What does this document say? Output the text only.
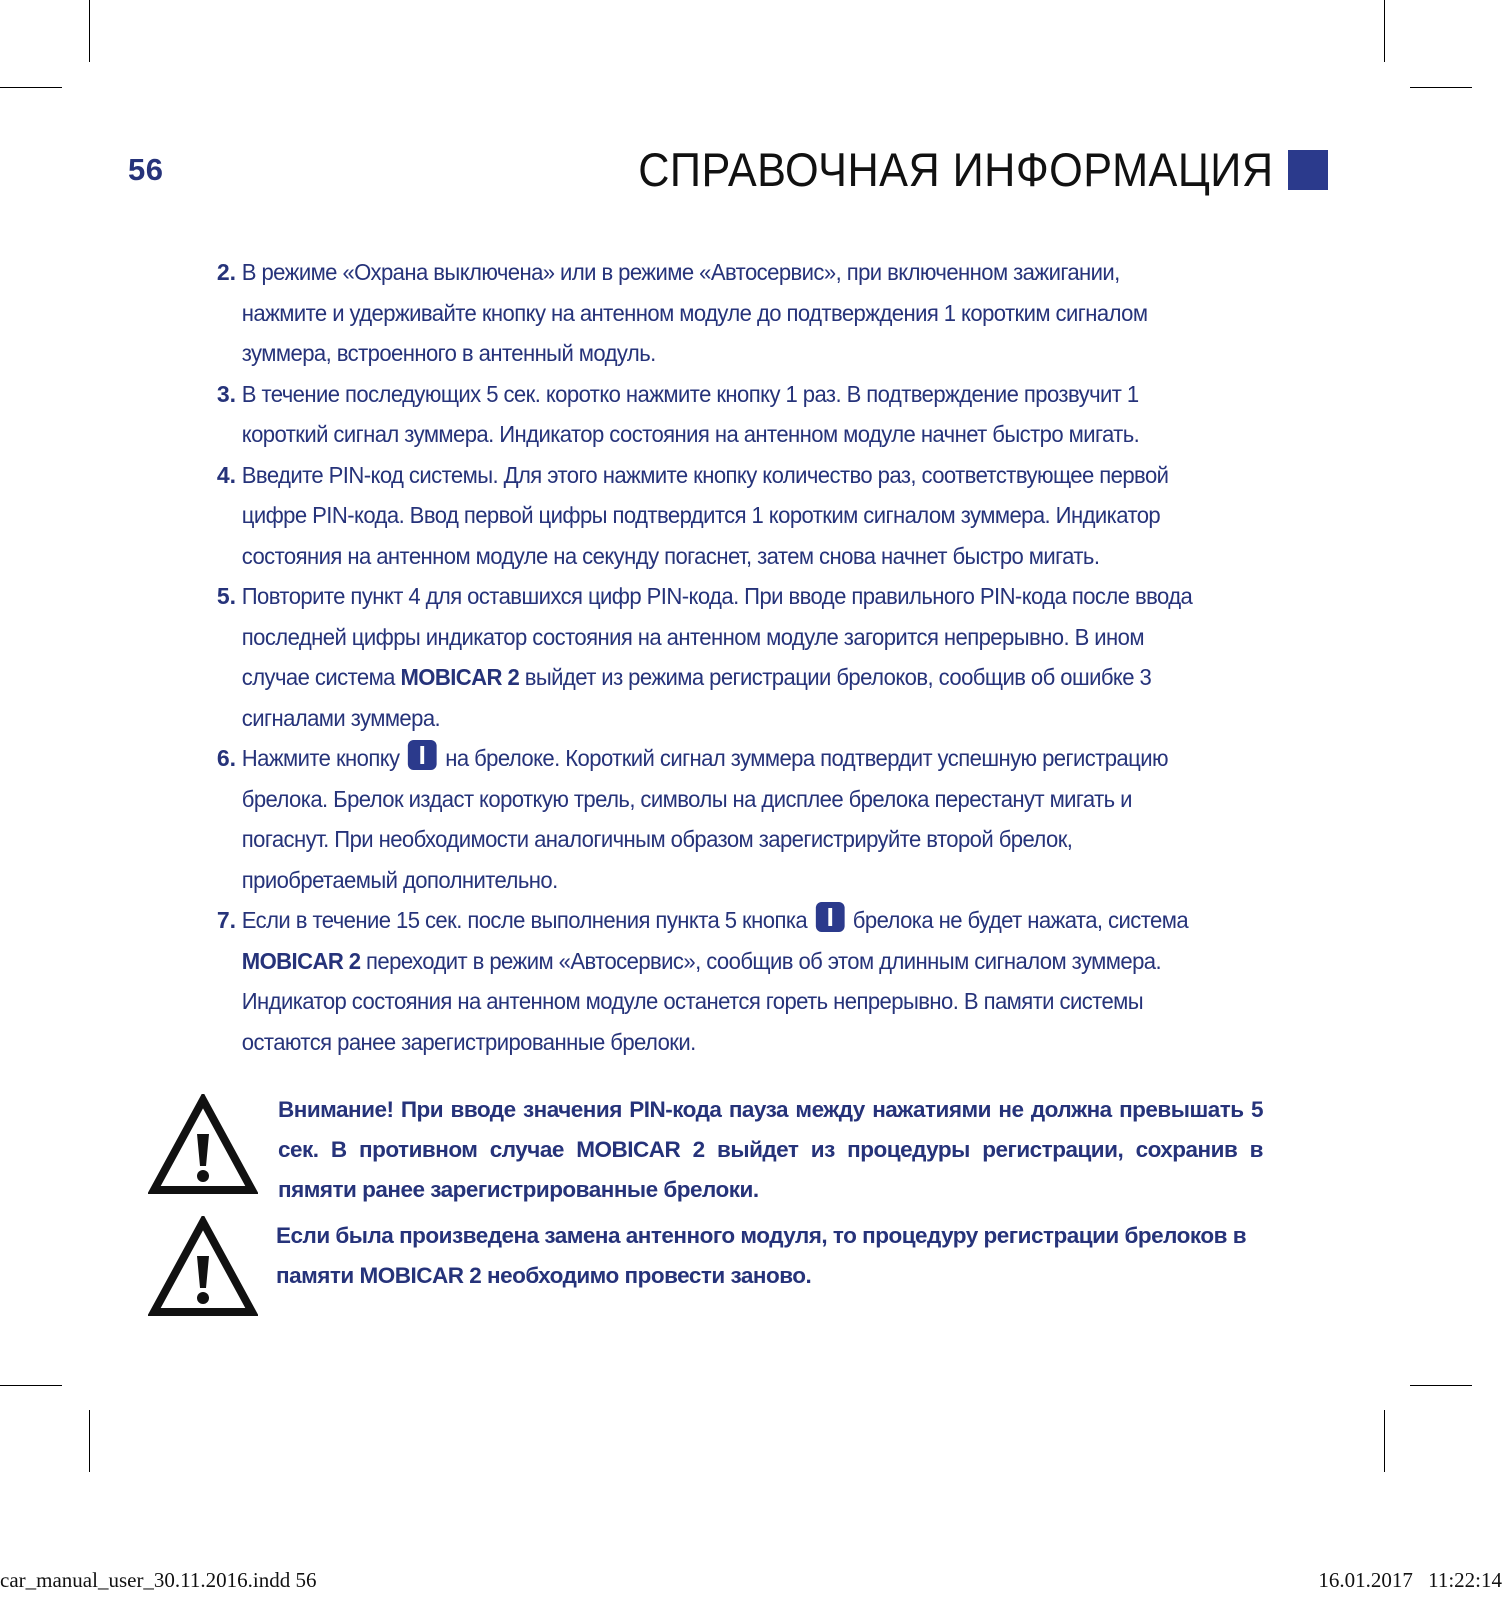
56	СПРАВОЧНАЯ ИНФОРМАЦИЯ
2. В режиме «Охрана выключена» или в режиме «Автосервис», при включенном зажигании, нажмите и удерживайте кнопку на антенном модуле до подтверждения 1 коротким сигналом зуммера, встроенного в антенный модуль.
3. В течение последующих 5 сек. коротко нажмите кнопку 1 раз. В подтверждение прозвучит 1 короткий сигнал зуммера. Индикатор состояния на антенном модуле начнет быстро мигать.
4. Введите PIN-код системы. Для этого нажмите кнопку количество раз, соответствующее первой цифре PIN-кода. Ввод первой цифры подтвердится 1 коротким сигналом зуммера. Индикатор состояния на антенном модуле на секунду погаснет, затем снова начнет быстро мигать.
5. Повторите пункт 4 для оставшихся цифр PIN-кода. При вводе правильного PIN-кода после ввода последней цифры индикатор состояния на антенном модуле загорится непрерывно. В ином случае система MOBICAR 2 выйдет из режима регистрации брелоков, сообщив об ошибке 3 сигналами зуммера.
6. Нажмите кнопку  на брелоке. Короткий сигнал зуммера подтвердит успешную регистрацию брелока. Брелок издаст короткую трель, символы на дисплее брелока перестанут мигать и погаснут. При необходимости аналогичным образом зарегистрируйте второй брелок, приобретаемый дополнительно.
7. Если в течение 15 сек. после выполнения пункта 5 кнопка  брелока не будет нажата, система MOBICAR 2 переходит в режим «Автосервис», сообщив об этом длинным сигналом зуммера. Индикатор состояния на антенном модуле останется гореть непрерывно. В памяти системы остаются ранее зарегистрированные брелоки.
Внимание! При вводе значения PIN-кода пауза между нажатиями не должна превышать 5 сек. В противном случае MOBICAR 2 выйдет из процедуры регистрации, сохранив в пямяти ранее зарегистрированные брелоки.
Если была произведена замена антенного модуля, то процедуру регистрации брелоков в памяти MOBICAR 2 необходимо провести заново.
car_manual_user_30.11.2016.indd 56	16.01.2017 11:22:14
